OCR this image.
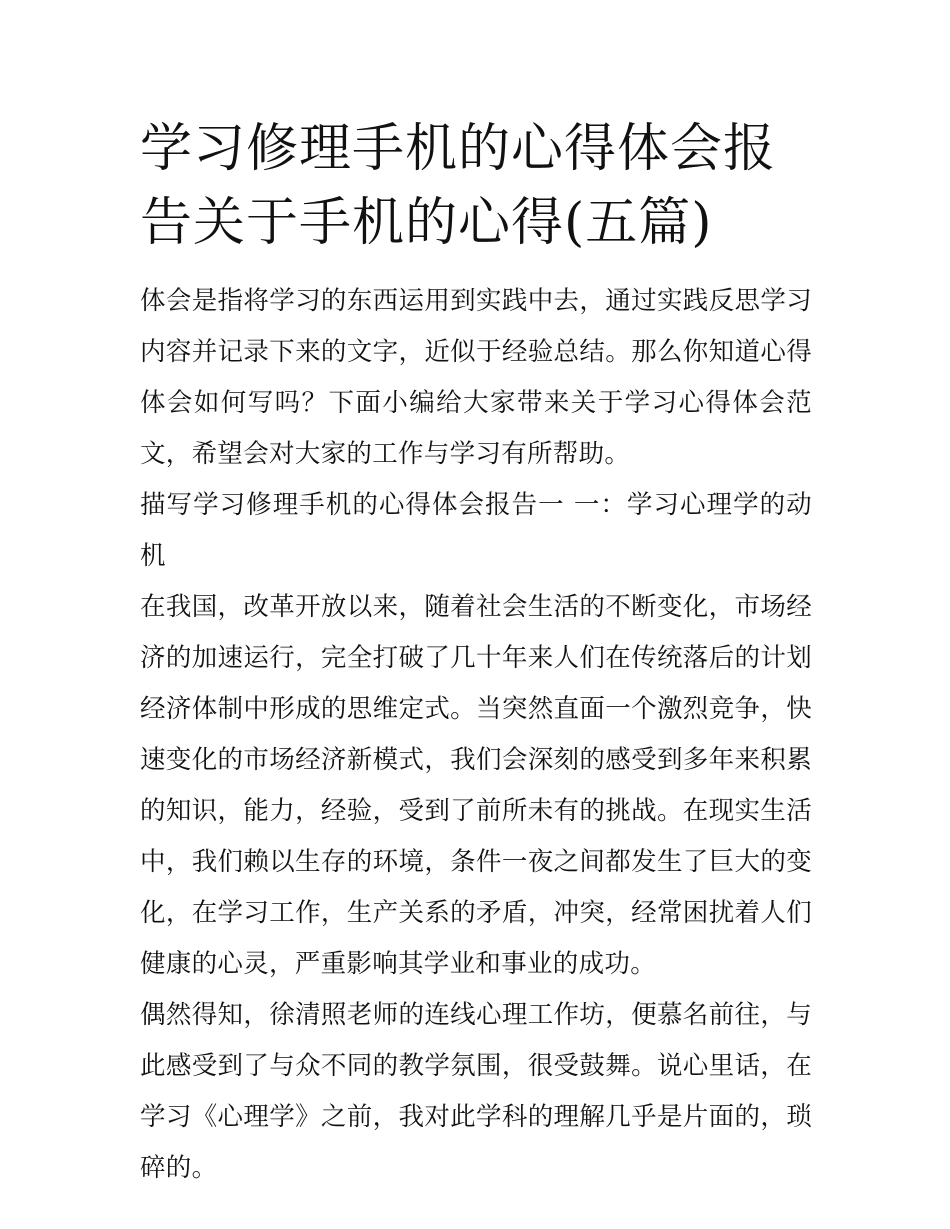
学习修理手机的心得体会报告关于手机的心得(五篇)

体会是指将学习的东西运用到实践中去，通过实践反思学习内容并记录下来的文字，近似于经验总结。那么你知道心得体会如何写吗？下面小编给大家带来关于学习心得体会范文，希望会对大家的工作与学习有所帮助。

描写学习修理手机的心得体会报告一 一：学习心理学的动机

在我国，改革开放以来，随着社会生活的不断变化，市场经济的加速运行，完全打破了几十年来人们在传统落后的计划经济体制中形成的思维定式。当突然直面一个激烈竞争，快速变化的市场经济新模式，我们会深刻的感受到多年来积累的知识，能力，经验，受到了前所未有的挑战。在现实生活中，我们赖以生存的环境，条件一夜之间都发生了巨大的变化，在学习工作，生产关系的矛盾，冲突，经常困扰着人们健康的心灵，严重影响其学业和事业的成功。

偶然得知，徐清照老师的连线心理工作坊，便慕名前往，与此感受到了与众不同的教学氛围，很受鼓舞。说心里话，在学习《心理学》之前，我对此学科的理解几乎是片面的，琐碎的。
